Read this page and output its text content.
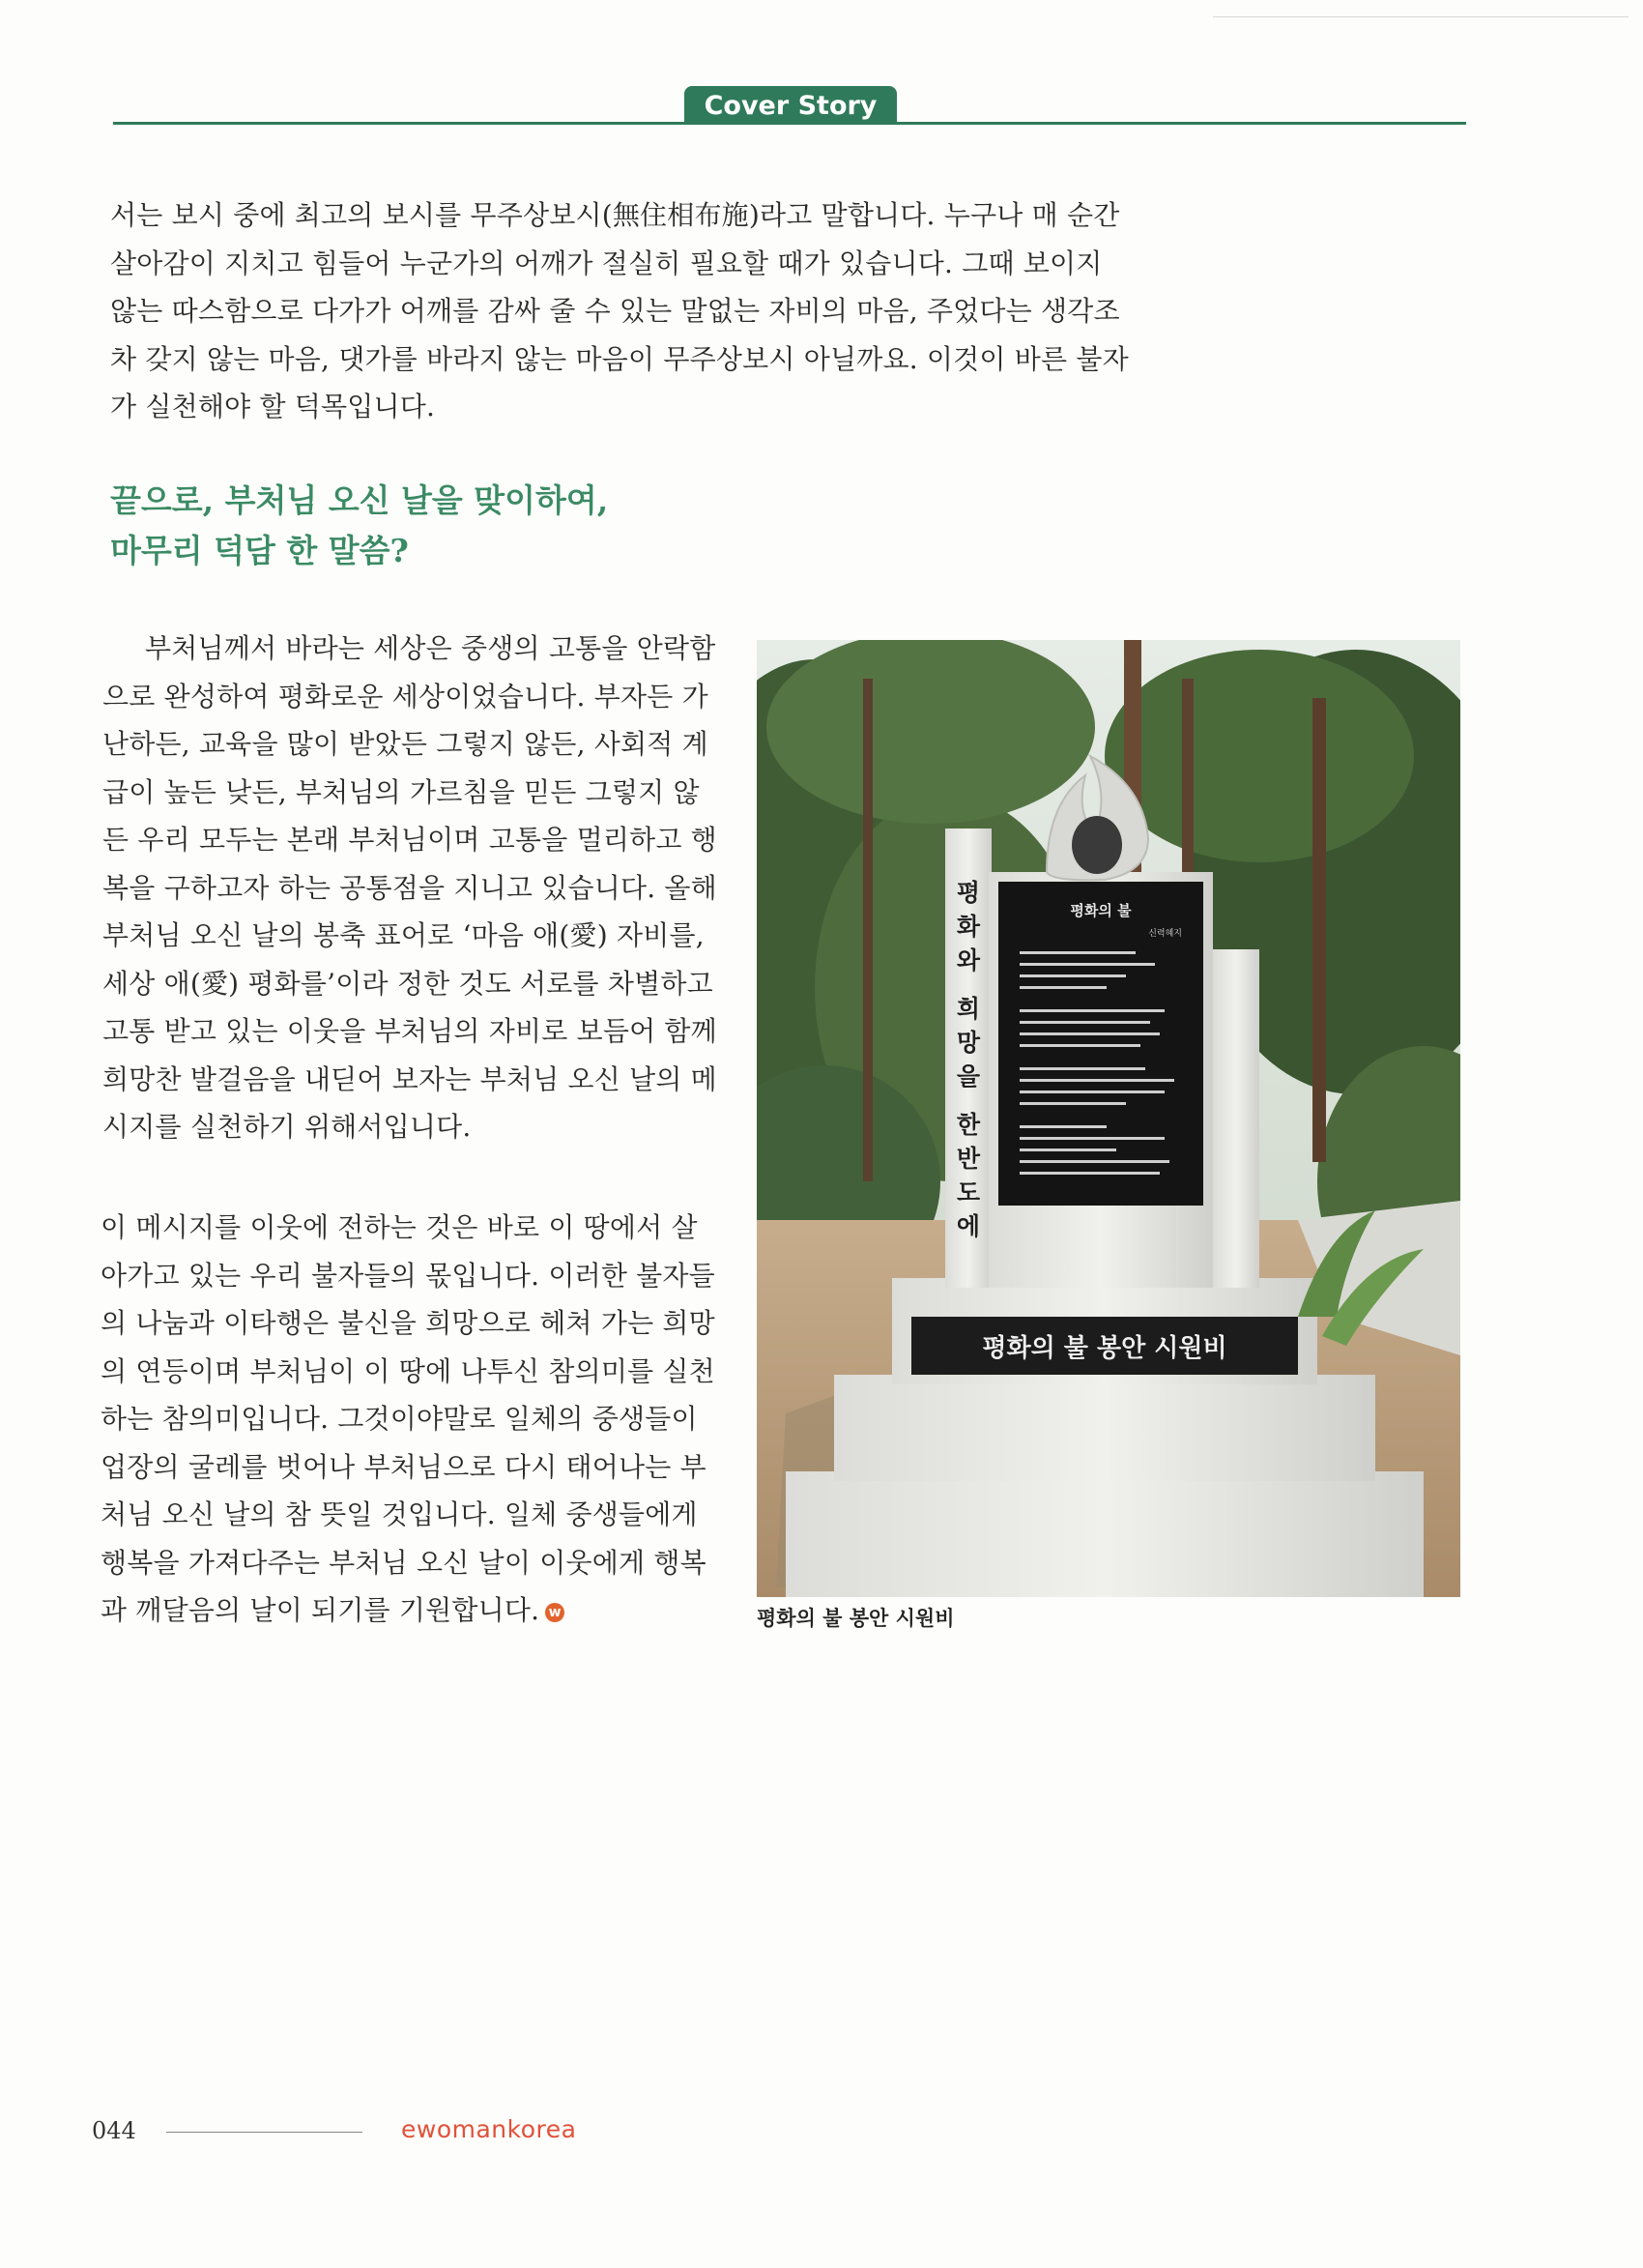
Cover Story

서는 보시 중에 최고의 보시를 무주상보시(無住相布施)라고 말합니다. 누구나 매 순간

살아감이 지치고 힘들어 누군가의 어깨가 절실히 필요할 때가 있습니다. 그때 보이지

않는 따스함으로 다가가 어깨를 감싸 줄 수 있는 말없는 자비의 마음, 주었다는 생각조

차 갖지 않는 마음, 댓가를 바라지 않는 마음이 무주상보시 아닐까요. 이것이 바른 불자

가 실천해야 할 덕목입니다.

끝으로, 부처님 오신 날을 맞이하여,
마무리 덕담 한 말씀?
부처님께서 바라는 세상은 중생의 고통을 안락함으로 완성하여 평화로운 세상이었습니다. 부자든 가난하든, 교육을 많이 받았든 그렇지 않든, 사회적 계급이 높든 낮든, 부처님의 가르침을 믿든 그렇지 않든 우리 모두는 본래 부처님이며 고통을 멀리하고 행복을 구하고자 하는 공통점을 지니고 있습니다. 올해 부처님 오신 날의 봉축 표어로 ‘마음 애(愛) 자비를, 세상 애(愛) 평화를’이라 정한 것도 서로를 차별하고 고통 받고 있는 이웃을 부처님의 자비로 보듬어 함께 희망찬 발걸음을 내딛어 보자는 부처님 오신 날의 메시지를 실천하기 위해서입니다.
이 메시지를 이웃에 전하는 것은 바로 이 땅에서 살아가고 있는 우리 불자들의 몫입니다. 이러한 불자들의 나눔과 이타행은 불신을 희망으로 헤쳐 가는 희망의 연등이며 부처님이 이 땅에 나투신 참의미를 실천하는 참의미입니다. 그것이야말로 일체의 중생들이 업장의 굴레를 벗어나 부처님으로 다시 태어나는 부처님 오신 날의 참 뜻일 것입니다. 일체 중생들에게 행복을 가져다주는 부처님 오신 날이 이웃에게 행복과 깨달음의 날이 되기를 기원합니다. w
평화의 불 봉안 시원비
평화의 불
신력혜지
평
화
와
희
망
을
한
반
도
에
평화의 불 봉안 시원비
044	ewomankorea
